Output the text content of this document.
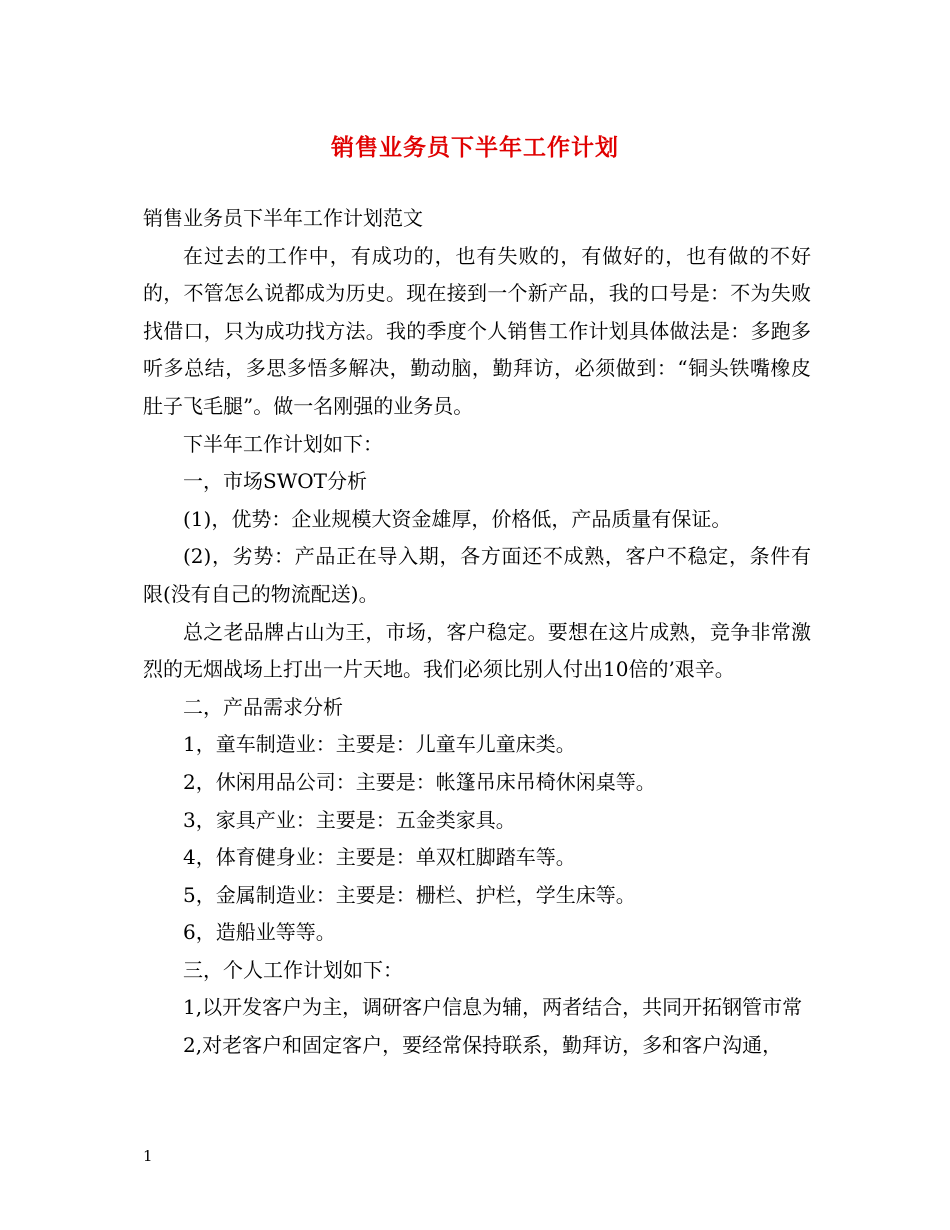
销售业务员下半年工作计划

销售业务员下半年工作计划范文

在过去的工作中，有成功的，也有失败的，有做好的，也有做的不好的，不管怎么说都成为历史。现在接到一个新产品，我的口号是：不为失败找借口，只为成功找方法。我的季度个人销售工作计划具体做法是：多跑多听多总结，多思多悟多解决，勤动脑，勤拜访，必须做到：“铜头铁嘴橡皮肚子飞毛腿”。做一名刚强的业务员。

下半年工作计划如下：

一，市场SWOT分析

(1)，优势：企业规模大资金雄厚，价格低，产品质量有保证。

(2)，劣势：产品正在导入期，各方面还不成熟，客户不稳定，条件有限(没有自己的物流配送)。

总之老品牌占山为王，市场，客户稳定。要想在这片成熟，竞争非常激烈的无烟战场上打出一片天地。我们必须比别人付出10倍的’艰辛。

二，产品需求分析

1，童车制造业：主要是：儿童车儿童床类。

2，休闲用品公司：主要是：帐篷吊床吊椅休闲桌等。

3，家具产业：主要是：五金类家具。

4，体育健身业：主要是：单双杠脚踏车等。

5，金属制造业：主要是：栅栏、护栏，学生床等。

6，造船业等等。

三，个人工作计划如下：

1,以开发客户为主，调研客户信息为辅，两者结合，共同开拓钢管市常

2,对老客户和固定客户，要经常保持联系，勤拜访，多和客户沟通，

1
